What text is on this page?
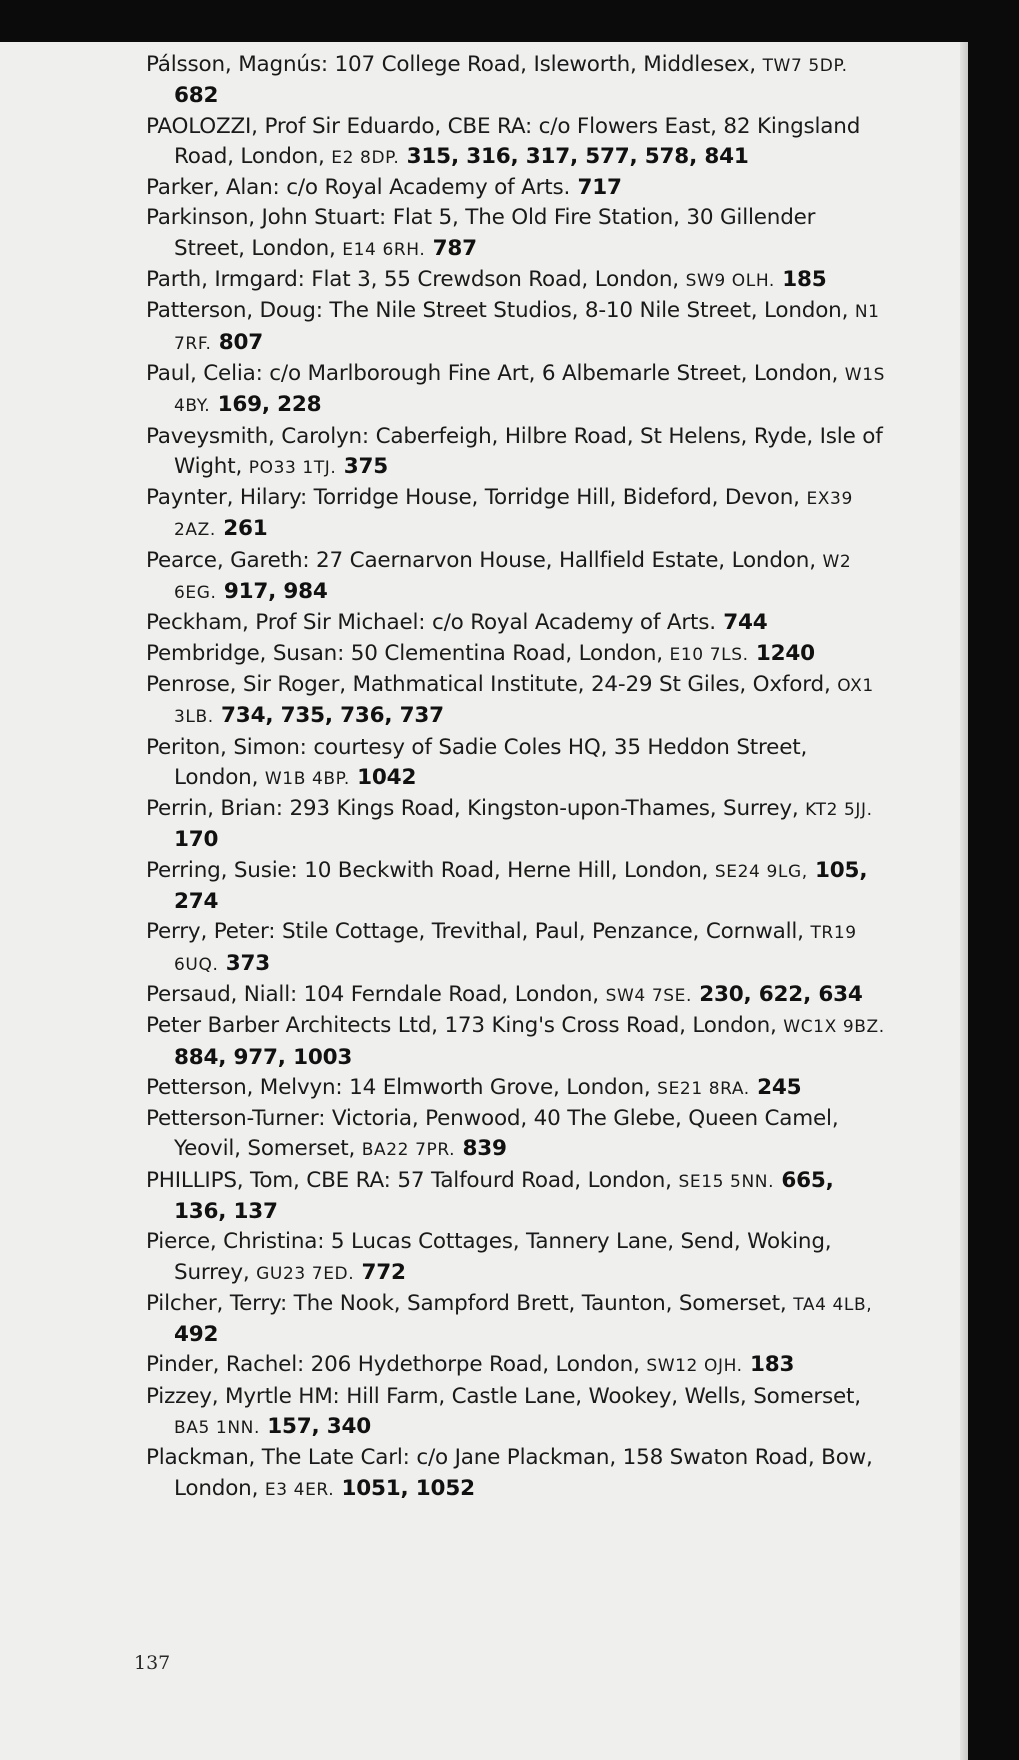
Pálsson, Magnús: 107 College Road, Isleworth, Middlesex, TW7 5DP. 682

PAOLOZZI, Prof Sir Eduardo, CBE RA: c/o Flowers East, 82 Kingsland Road, London, E2 8DP. 315, 316, 317, 577, 578, 841

Parker, Alan: c/o Royal Academy of Arts. 717

Parkinson, John Stuart: Flat 5, The Old Fire Station, 30 Gillender Street, London, E14 6RH. 787

Parth, Irmgard: Flat 3, 55 Crewdson Road, London, SW9 OLH. 185

Patterson, Doug: The Nile Street Studios, 8-10 Nile Street, London, N1 7RF. 807

Paul, Celia: c/o Marlborough Fine Art, 6 Albemarle Street, London, W1S 4BY. 169, 228

Paveysmith, Carolyn: Caberfeigh, Hilbre Road, St Helens, Ryde, Isle of Wight, PO33 1TJ. 375

Paynter, Hilary: Torridge House, Torridge Hill, Bideford, Devon, EX39 2AZ. 261

Pearce, Gareth: 27 Caernarvon House, Hallfield Estate, London, W2 6EG. 917, 984

Peckham, Prof Sir Michael: c/o Royal Academy of Arts. 744

Pembridge, Susan: 50 Clementina Road, London, E10 7LS. 1240

Penrose, Sir Roger, Mathmatical Institute, 24-29 St Giles, Oxford, OX1 3LB. 734, 735, 736, 737

Periton, Simon: courtesy of Sadie Coles HQ, 35 Heddon Street, London, W1B 4BP. 1042

Perrin, Brian: 293 Kings Road, Kingston-upon-Thames, Surrey, KT2 5JJ. 170

Perring, Susie: 10 Beckwith Road, Herne Hill, London, SE24 9LG, 105, 274

Perry, Peter: Stile Cottage, Trevithal, Paul, Penzance, Cornwall, TR19 6UQ. 373

Persaud, Niall: 104 Ferndale Road, London, SW4 7SE. 230, 622, 634

Peter Barber Architects Ltd, 173 King's Cross Road, London, WC1X 9BZ. 884, 977, 1003

Petterson, Melvyn: 14 Elmworth Grove, London, SE21 8RA. 245

Petterson-Turner: Victoria, Penwood, 40 The Glebe, Queen Camel, Yeovil, Somerset, BA22 7PR. 839

PHILLIPS, Tom, CBE RA: 57 Talfourd Road, London, SE15 5NN. 665, 136, 137

Pierce, Christina: 5 Lucas Cottages, Tannery Lane, Send, Woking, Surrey, GU23 7ED. 772

Pilcher, Terry: The Nook, Sampford Brett, Taunton, Somerset, TA4 4LB, 492

Pinder, Rachel: 206 Hydethorpe Road, London, SW12 OJH. 183

Pizzey, Myrtle HM: Hill Farm, Castle Lane, Wookey, Wells, Somerset, BA5 1NN. 157, 340

Plackman, The Late Carl: c/o Jane Plackman, 158 Swaton Road, Bow, London, E3 4ER. 1051, 1052

137
